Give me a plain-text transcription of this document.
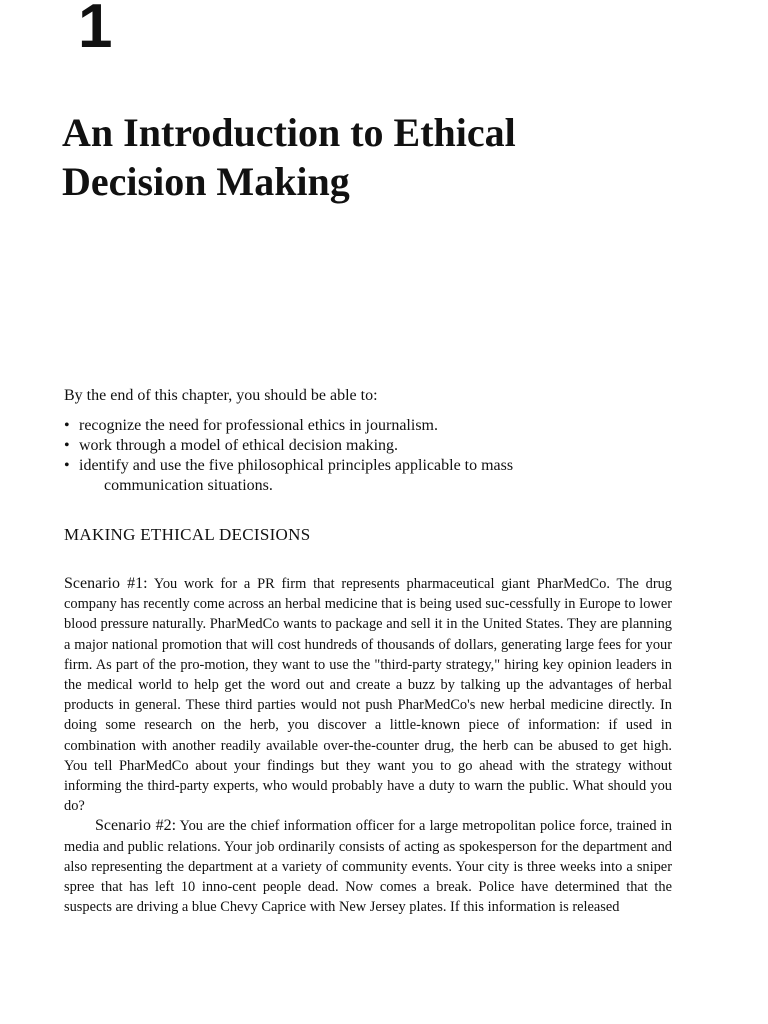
1
An Introduction to Ethical
Decision Making
By the end of this chapter, you should be able to:
• recognize the need for professional ethics in journalism.
• work through a model of ethical decision making.
• identify and use the five philosophical principles applicable to mass
communication situations.
MAKING ETHICAL DECISIONS

Scenario #1: You work for a PR firm that represents pharmaceutical giant PharMedCo. The drug company has recently come across an herbal medicine that is being used suc-cessfully in Europe to lower blood pressure naturally. PharMedCo wants to package and sell it in the United States. They are planning a major national promotion that will cost hundreds of thousands of dollars, generating large fees for your firm. As part of the pro-motion, they want to use the "third-party strategy," hiring key opinion leaders in the medical world to help get the word out and create a buzz by talking up the advantages of herbal products in general. These third parties would not push PharMedCo's new herbal medicine directly. In doing some research on the herb, you discover a little-known piece of information: if used in combination with another readily available over-the-counter drug, the herb can be abused to get high. You tell PharMedCo about your findings but they want you to go ahead with the strategy without informing the third-party experts, who would probably have a duty to warn the public. What should you do?

Scenario #2: You are the chief information officer for a large metropolitan police force, trained in media and public relations. Your job ordinarily consists of acting as spokesperson for the department and also representing the department at a variety of community events. Your city is three weeks into a sniper spree that has left 10 inno-cent people dead. Now comes a break. Police have determined that the suspects are driving a blue Chevy Caprice with New Jersey plates. If this information is released
